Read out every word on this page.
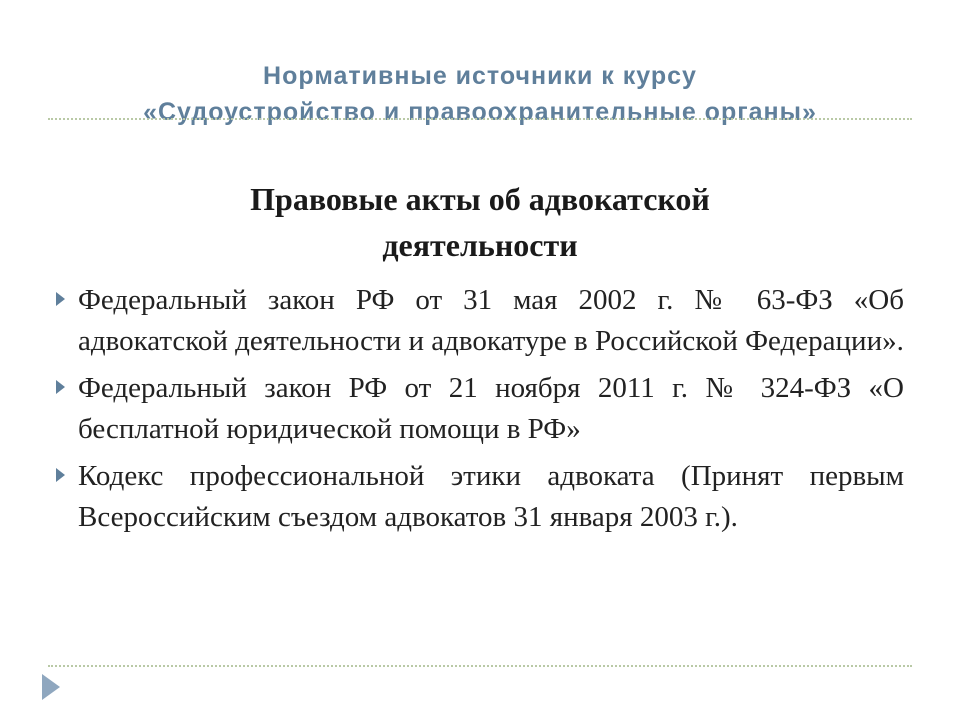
Нормативные источники к курсу
«Судоустройство и правоохранительные органы»
Правовые акты об адвокатской
деятельности
Федеральный закон РФ от 31 мая 2002 г. № 63-ФЗ «Об адвокатской деятельности и адвокатуре в Российской Федерации».
Федеральный закон РФ от 21 ноября 2011 г. № 324-ФЗ «О бесплатной юридической помощи в РФ»
Кодекс профессиональной этики адвоката (Принят первым Всероссийским съездом адвокатов 31 января 2003 г.).
